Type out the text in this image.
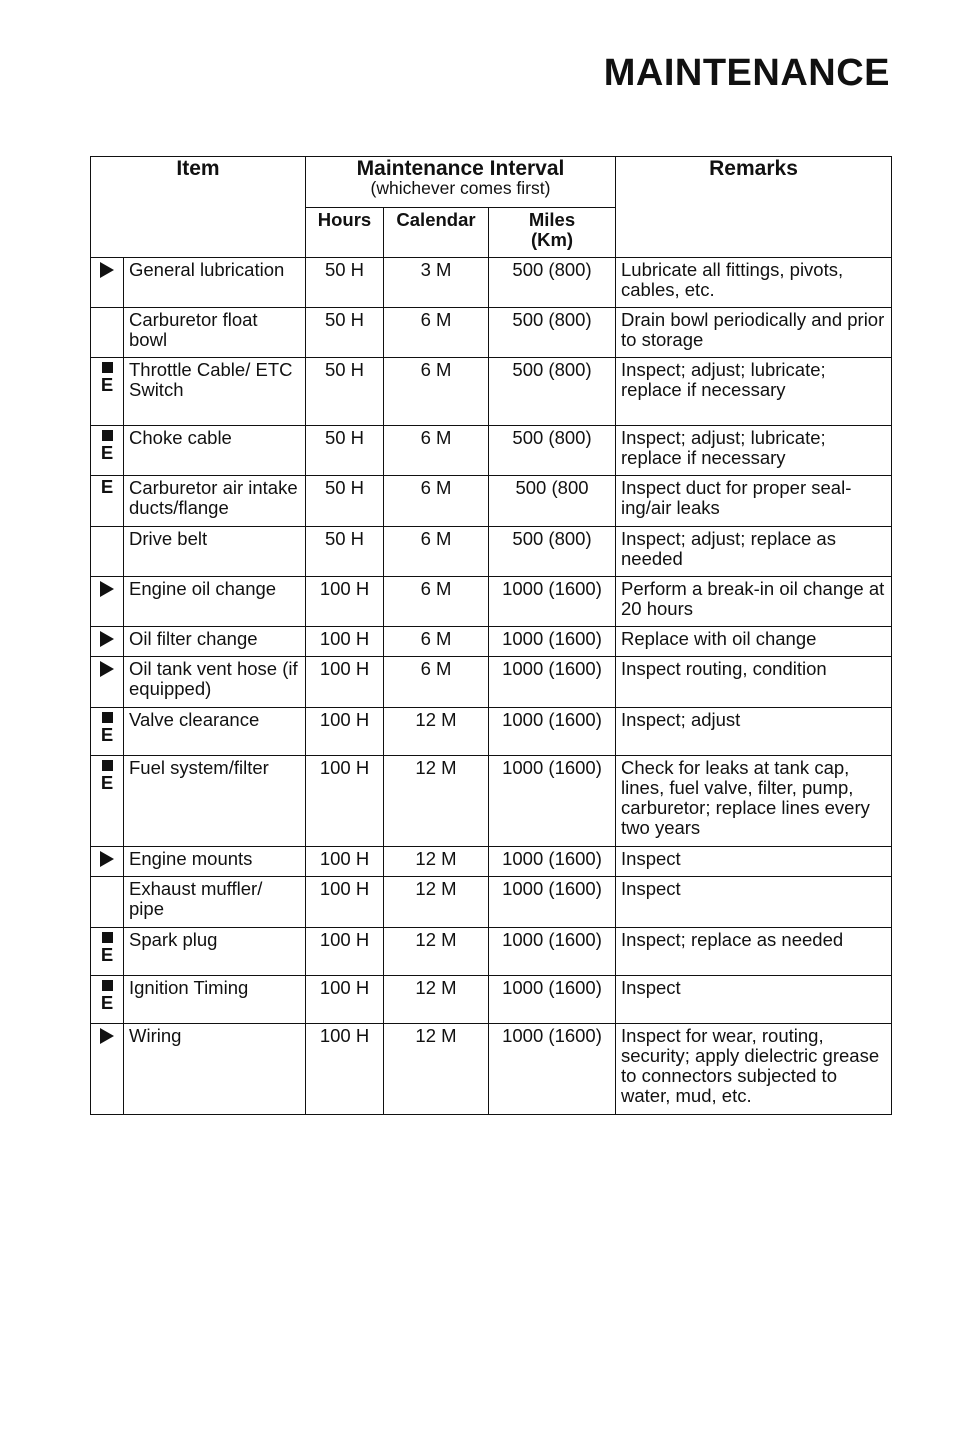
MAINTENANCE
Item		Maintenance Interval
(whichever comes first)			Remarks
		Hours	Calendar	Miles
(Km)	

	General lubrication	50 H	3 M	500 (800)	Lubricate all fittings, pivots, cables, etc.
	Carburetor float bowl	50 H	6 M	500 (800)	Drain bowl periodically and prior to storage

E	Throttle Cable/ ETC Switch	50 H	6 M	500 (800)	Inspect; adjust; lubricate; replace if necessary

E	Choke cable	50 H	6 M	500 (800)	Inspect; adjust; lubricate; replace if necessary

E	Carburetor air intake ducts/flange	50 H	6 M	500 (800	Inspect duct for proper seal-ing/air leaks
	Drive belt	50 H	6 M	500 (800)	Inspect; adjust; replace as needed

	Engine oil change	100 H	6 M	1000 (1600)	Perform a break-in oil change at 20 hours

	Oil filter change	100 H	6 M	1000 (1600)	Replace with oil change

	Oil tank vent hose (if equipped)	100 H	6 M	1000 (1600)	Inspect routing, condition

E	Valve clearance	100 H	12 M	1000 (1600)	Inspect; adjust

E	Fuel system/filter	100 H	12 M	1000 (1600)	Check for leaks at tank cap, lines, fuel valve, filter, pump, carburetor; replace lines every two years

	Engine mounts	100 H	12 M	1000 (1600)	Inspect
	Exhaust muffler/ pipe	100 H	12 M	1000 (1600)	Inspect

E	Spark plug	100 H	12 M	1000 (1600)	Inspect; replace as needed

E	Ignition Timing	100 H	12 M	1000 (1600)	Inspect

	Wiring	100 H	12 M	1000 (1600)	Inspect for wear, routing, security; apply dielectric grease to connectors subjected to water, mud, etc.
